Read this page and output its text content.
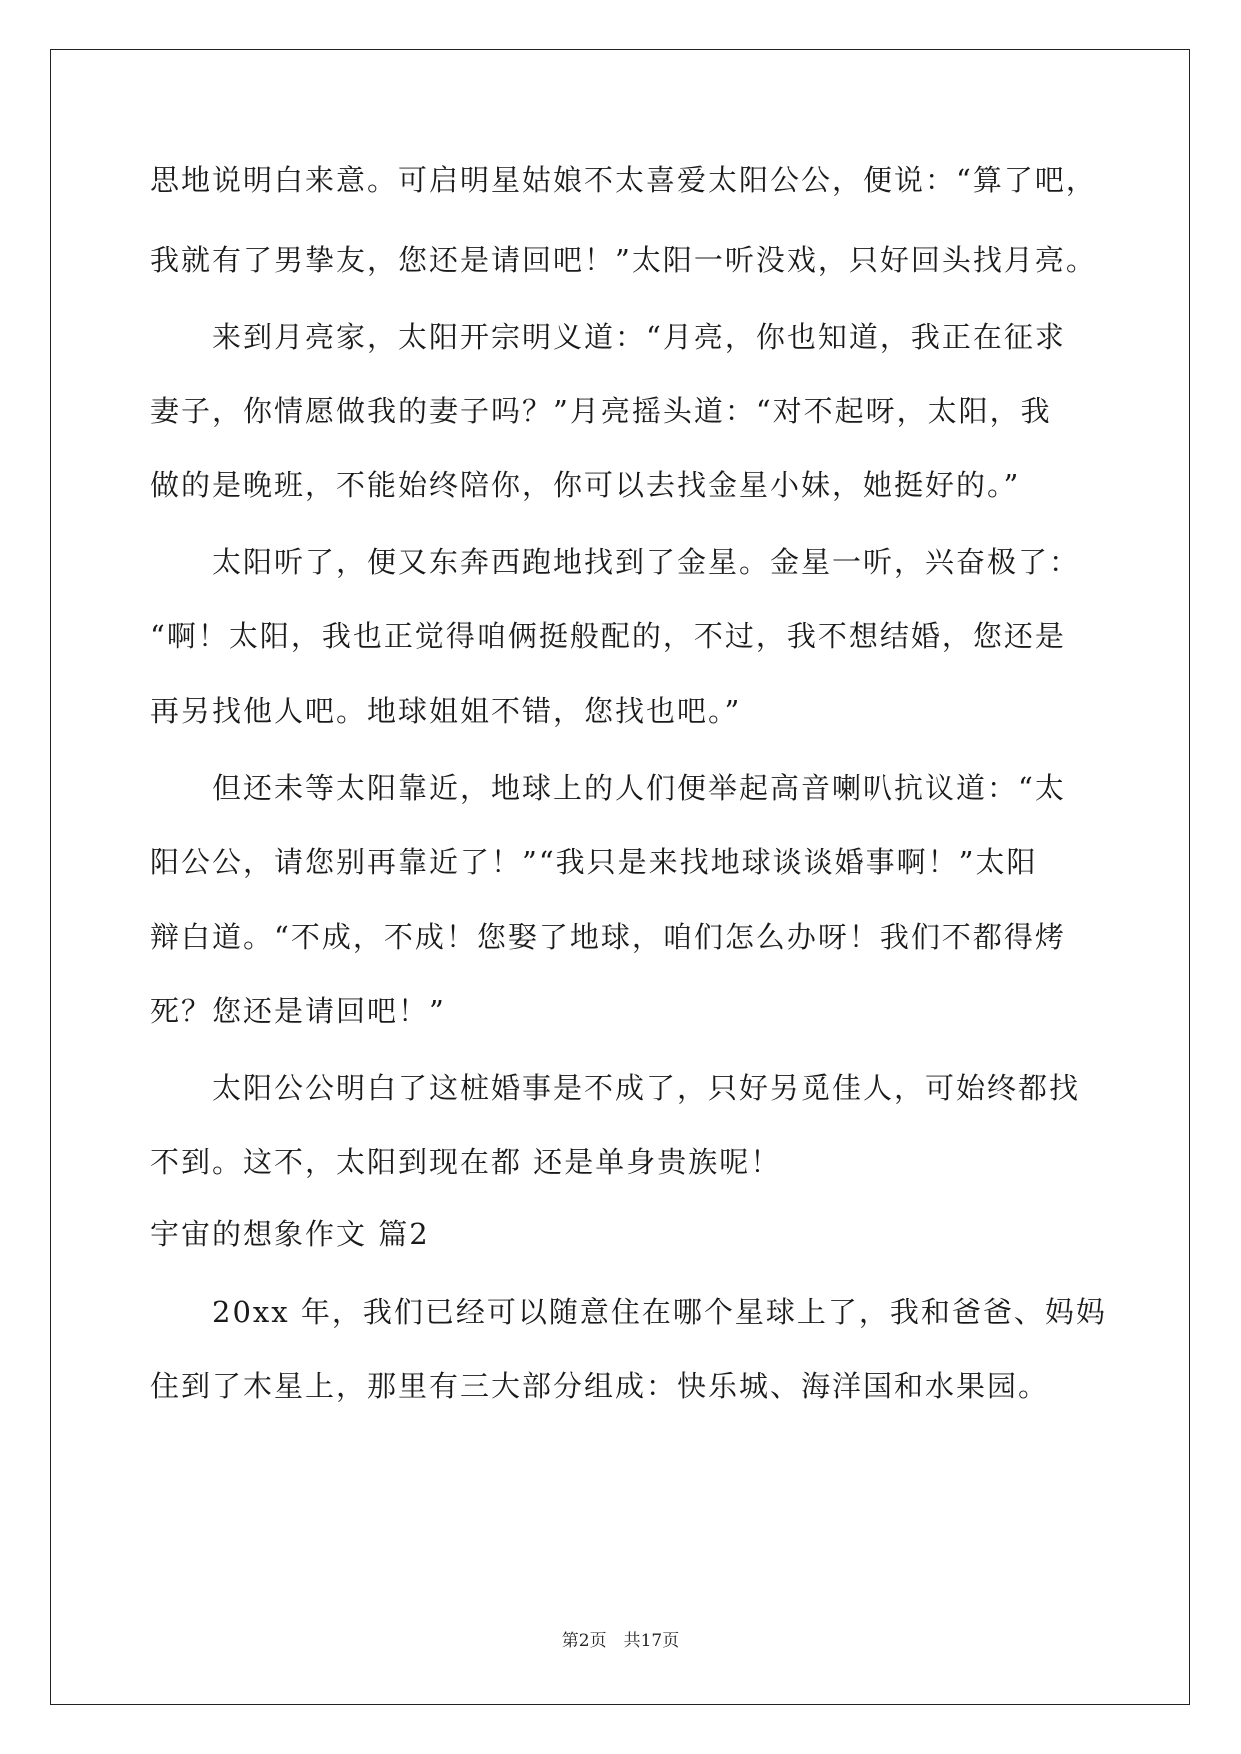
思地说明白来意。可启明星姑娘不太喜爱太阳公公，便说：“算了吧，
我就有了男挚友，您还是请回吧！”太阳一听没戏，只好回头找月亮。
来到月亮家，太阳开宗明义道：“月亮，你也知道，我正在征求
妻子，你情愿做我的妻子吗？”月亮摇头道：“对不起呀，太阳，我
做的是晚班，不能始终陪你，你可以去找金星小妹，她挺好的。”
太阳听了，便又东奔西跑地找到了金星。金星一听，兴奋极了：
“啊！太阳，我也正觉得咱俩挺般配的，不过，我不想结婚，您还是
再另找他人吧。地球姐姐不错，您找也吧。”
但还未等太阳靠近，地球上的人们便举起高音喇叭抗议道：“太
阳公公，请您别再靠近了！”“我只是来找地球谈谈婚事啊！”太阳
辩白道。“不成，不成！您娶了地球，咱们怎么办呀！我们不都得烤
死？您还是请回吧！”
太阳公公明白了这桩婚事是不成了，只好另觅佳人，可始终都找
不到。这不，太阳到现在都 还是单身贵族呢！
宇宙的想象作文 篇2
20xx 年，我们已经可以随意住在哪个星球上了，我和爸爸、妈妈
住到了木星上，那里有三大部分组成：快乐城、海洋国和水果园。
第2页　共17页
